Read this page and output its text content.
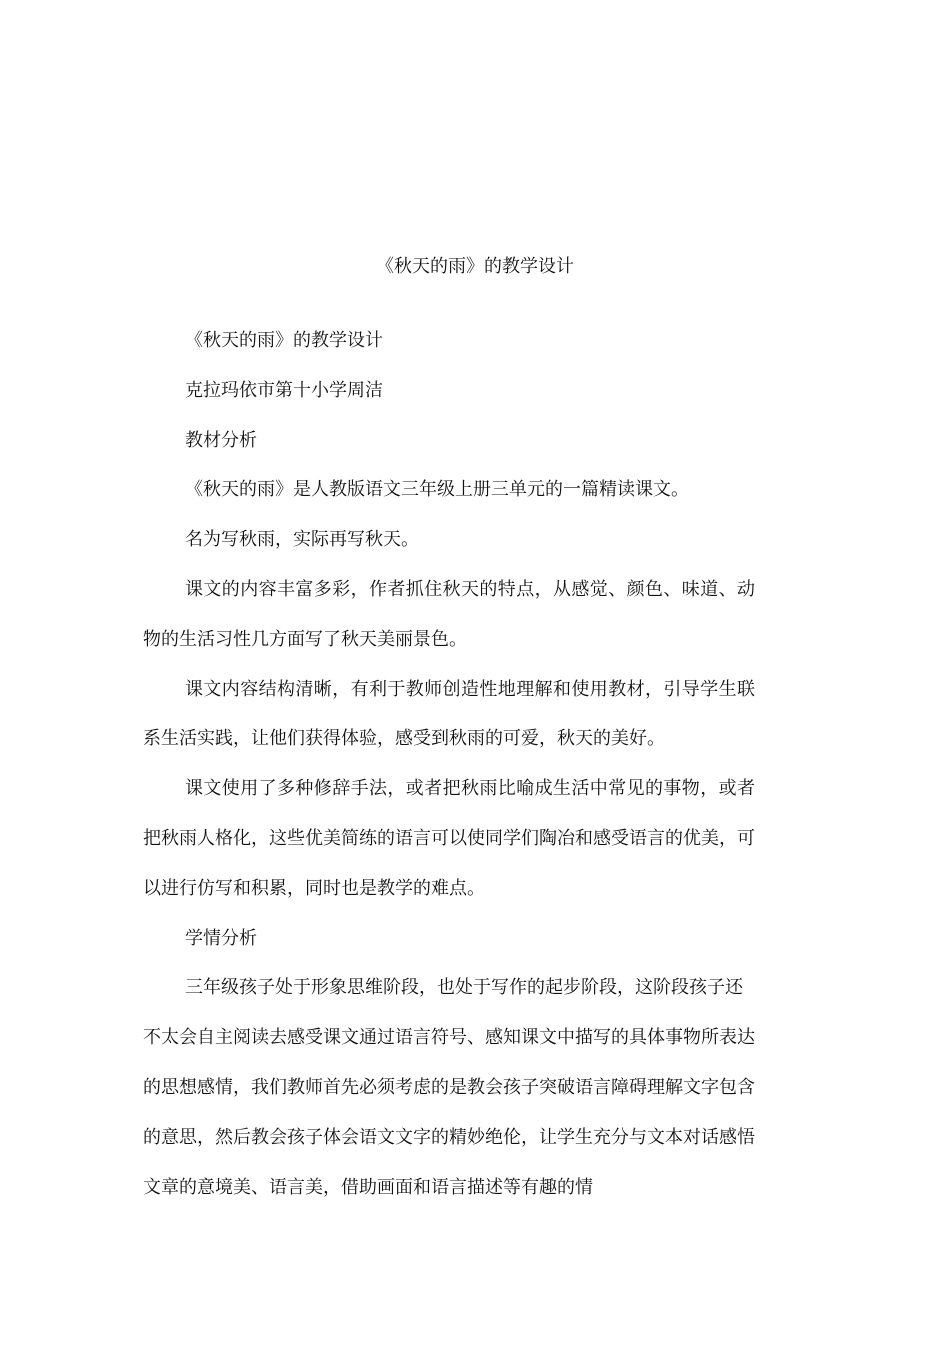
《秋天的雨》的教学设计

《秋天的雨》的教学设计

克拉玛依市第十小学周洁

教材分析

《秋天的雨》是人教版语文三年级上册三单元的一篇精读课文。

名为写秋雨，实际再写秋天。

课文的内容丰富多彩，作者抓住秋天的特点，从感觉、颜色、味道、动物的生活习性几方面写了秋天美丽景色。

课文内容结构清晰，有利于教师创造性地理解和使用教材，引导学生联系生活实践，让他们获得体验，感受到秋雨的可爱，秋天的美好。

课文使用了多种修辞手法，或者把秋雨比喻成生活中常见的事物，或者把秋雨人格化，这些优美简练的语言可以使同学们陶冶和感受语言的优美，可以进行仿写和积累，同时也是教学的难点。

学情分析

三年级孩子处于形象思维阶段，也处于写作的起步阶段，这阶段孩子还不太会自主阅读去感受课文通过语言符号、感知课文中描写的具体事物所表达的思想感情，我们教师首先必须考虑的是教会孩子突破语言障碍理解文字包含的意思，然后教会孩子体会语文文字的精妙绝伦，让学生充分与文本对话感悟文章的意境美、语言美，借助画面和语言描述等有趣的情
